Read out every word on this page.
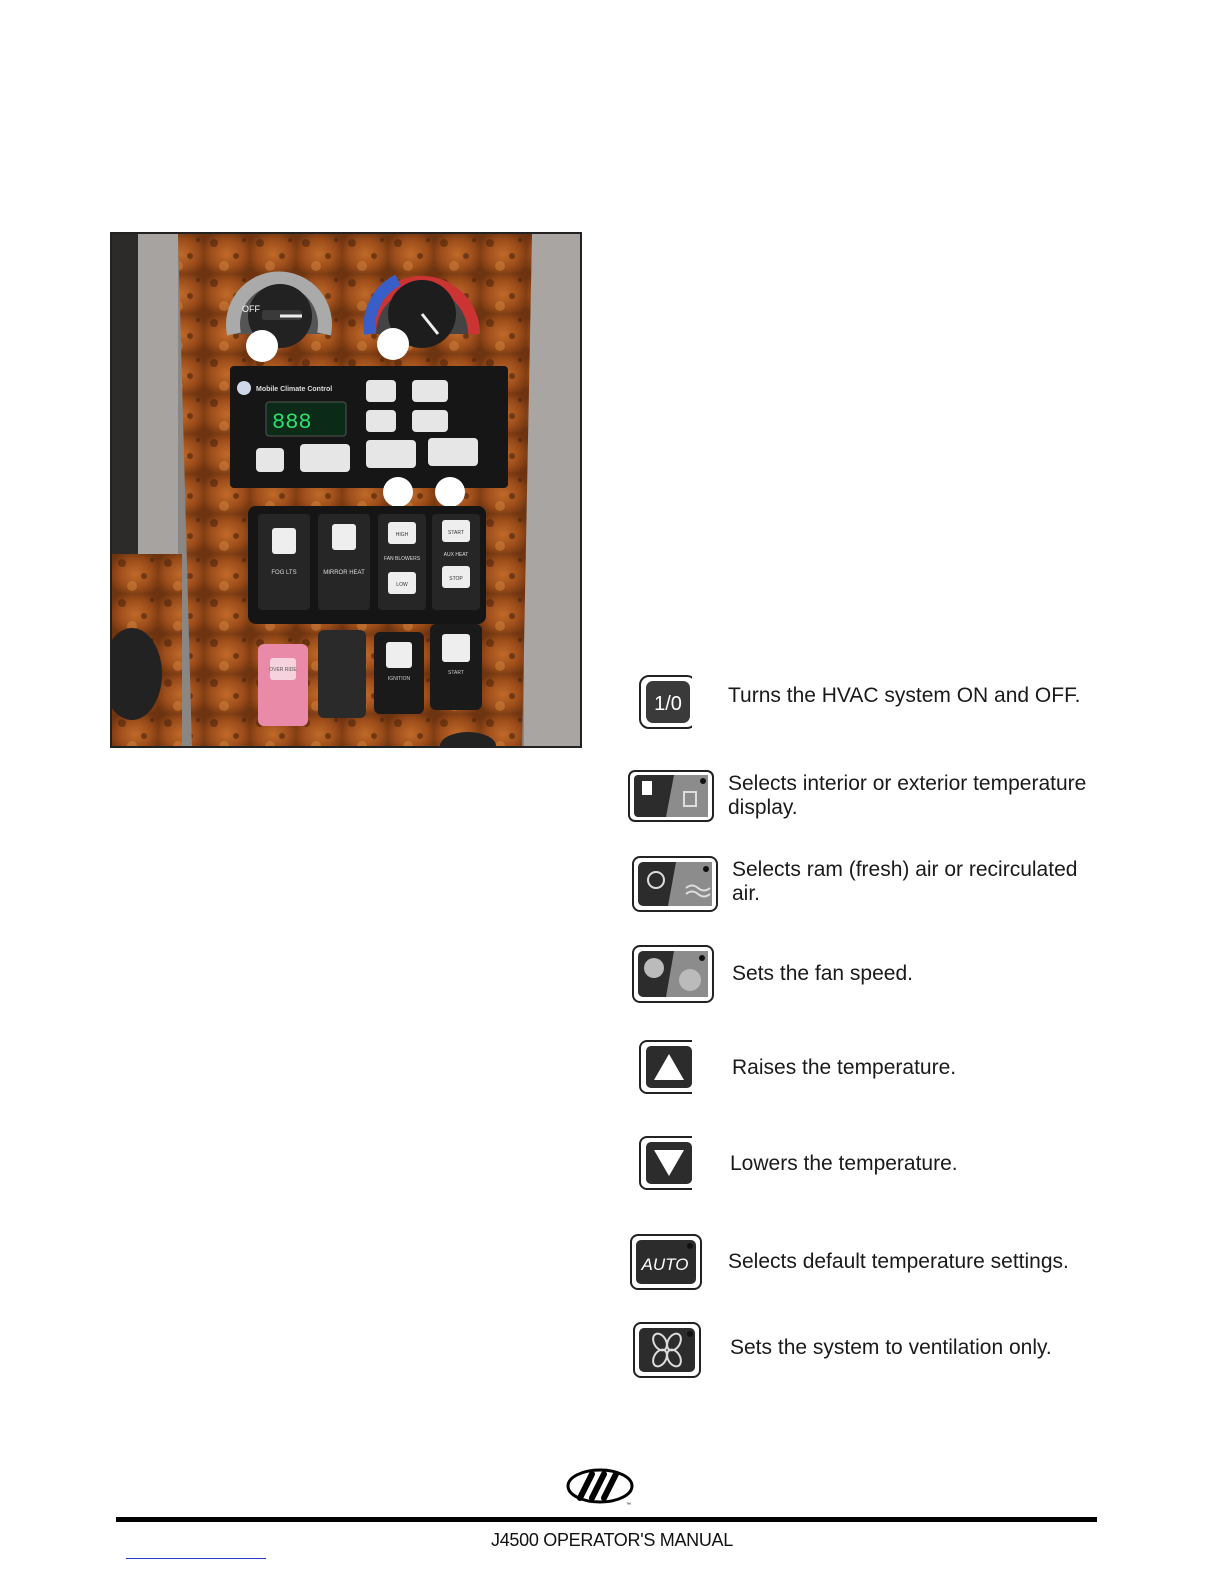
OFF
Mobile Climate Control
888
FOG LTS	MIRROR HEAT
HIGH
FAN BLOWERS
LOW
START
AUX HEAT
STOP
OVER RIDE
IGNITION
START
1/0 Turns the HVAC system ON and OFF.
Selects interior or exterior temperature display.
Selects ram (fresh) air or recirculated air.
Sets the fan speed.
Raises the temperature.
Lowers the temperature.
AUTO Selects default temperature settings.
Sets the system to ventilation only.
™
J4500 OPERATOR'S MANUAL
